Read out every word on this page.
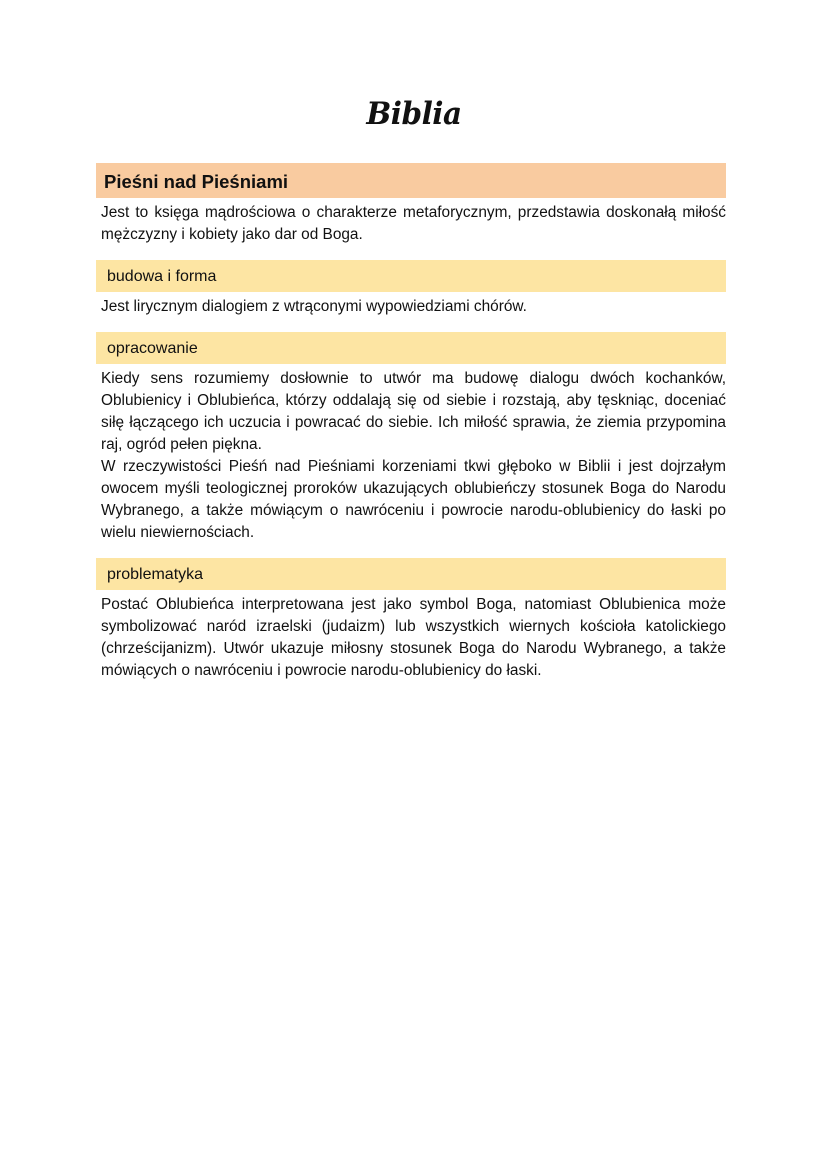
Biblia
Pieśni nad Pieśniami

Jest to księga mądrościowa o charakterze metaforycznym, przedstawia doskonałą miłość mężczyzny i kobiety jako dar od Boga.

budowa i forma

Jest lirycznym dialogiem z wtrąconymi wypowiedziami chórów.

opracowanie

Kiedy sens rozumiemy dosłownie to utwór ma budowę dialogu dwóch kochanków, Oblubienicy i Oblubieńca, którzy oddalają się od siebie i rozstają, aby tęskniąc, doceniać siłę łączącego ich uczucia i powracać do siebie. Ich miłość sprawia, że ziemia przypomina raj, ogród pełen piękna.

W rzeczywistości Pieśń nad Pieśniami korzeniami tkwi głęboko w Biblii i jest dojrzałym owocem myśli teologicznej proroków ukazujących oblubieńczy stosunek Boga do Narodu Wybranego, a także mówiącym o nawróceniu i powrocie narodu-oblubienicy do łaski po wielu niewiernościach.

problematyka

Postać Oblubieńca interpretowana jest jako symbol Boga, natomiast Oblubienica może symbolizować naród izraelski (judaizm) lub wszystkich wiernych kościoła katolickiego (chrześcijanizm). Utwór ukazuje miłosny stosunek Boga do Narodu Wybranego, a także mówiących o nawróceniu i powrocie narodu-oblubienicy do łaski.
